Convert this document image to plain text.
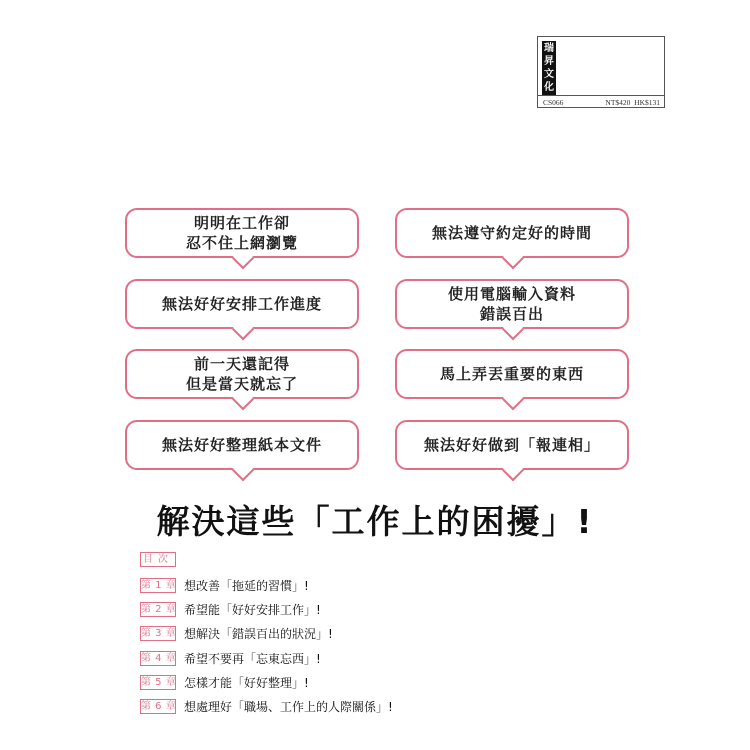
瑞
昇
文
化
CS066	NT$420 HK$131
明明在工作卻
忍不住上網瀏覽
無法遵守約定好的時間
無法好好安排工作進度
使用電腦輸入資料
錯誤百出
前一天還記得
但是當天就忘了
馬上弄丟重要的東西
無法好好整理紙本文件	無法好好做到「報連相」
解決這些「工作上的困擾」!
目次
第 1 章 想改善「拖延的習慣」!
第 2 章 希望能「好好安排工作」!
第 3 章 想解決「錯誤百出的狀況」!
第 4 章 希望不要再「忘東忘西」!
第 5 章 怎樣才能「好好整理」!
第 6 章 想處理好「職場、工作上的人際關係」!
